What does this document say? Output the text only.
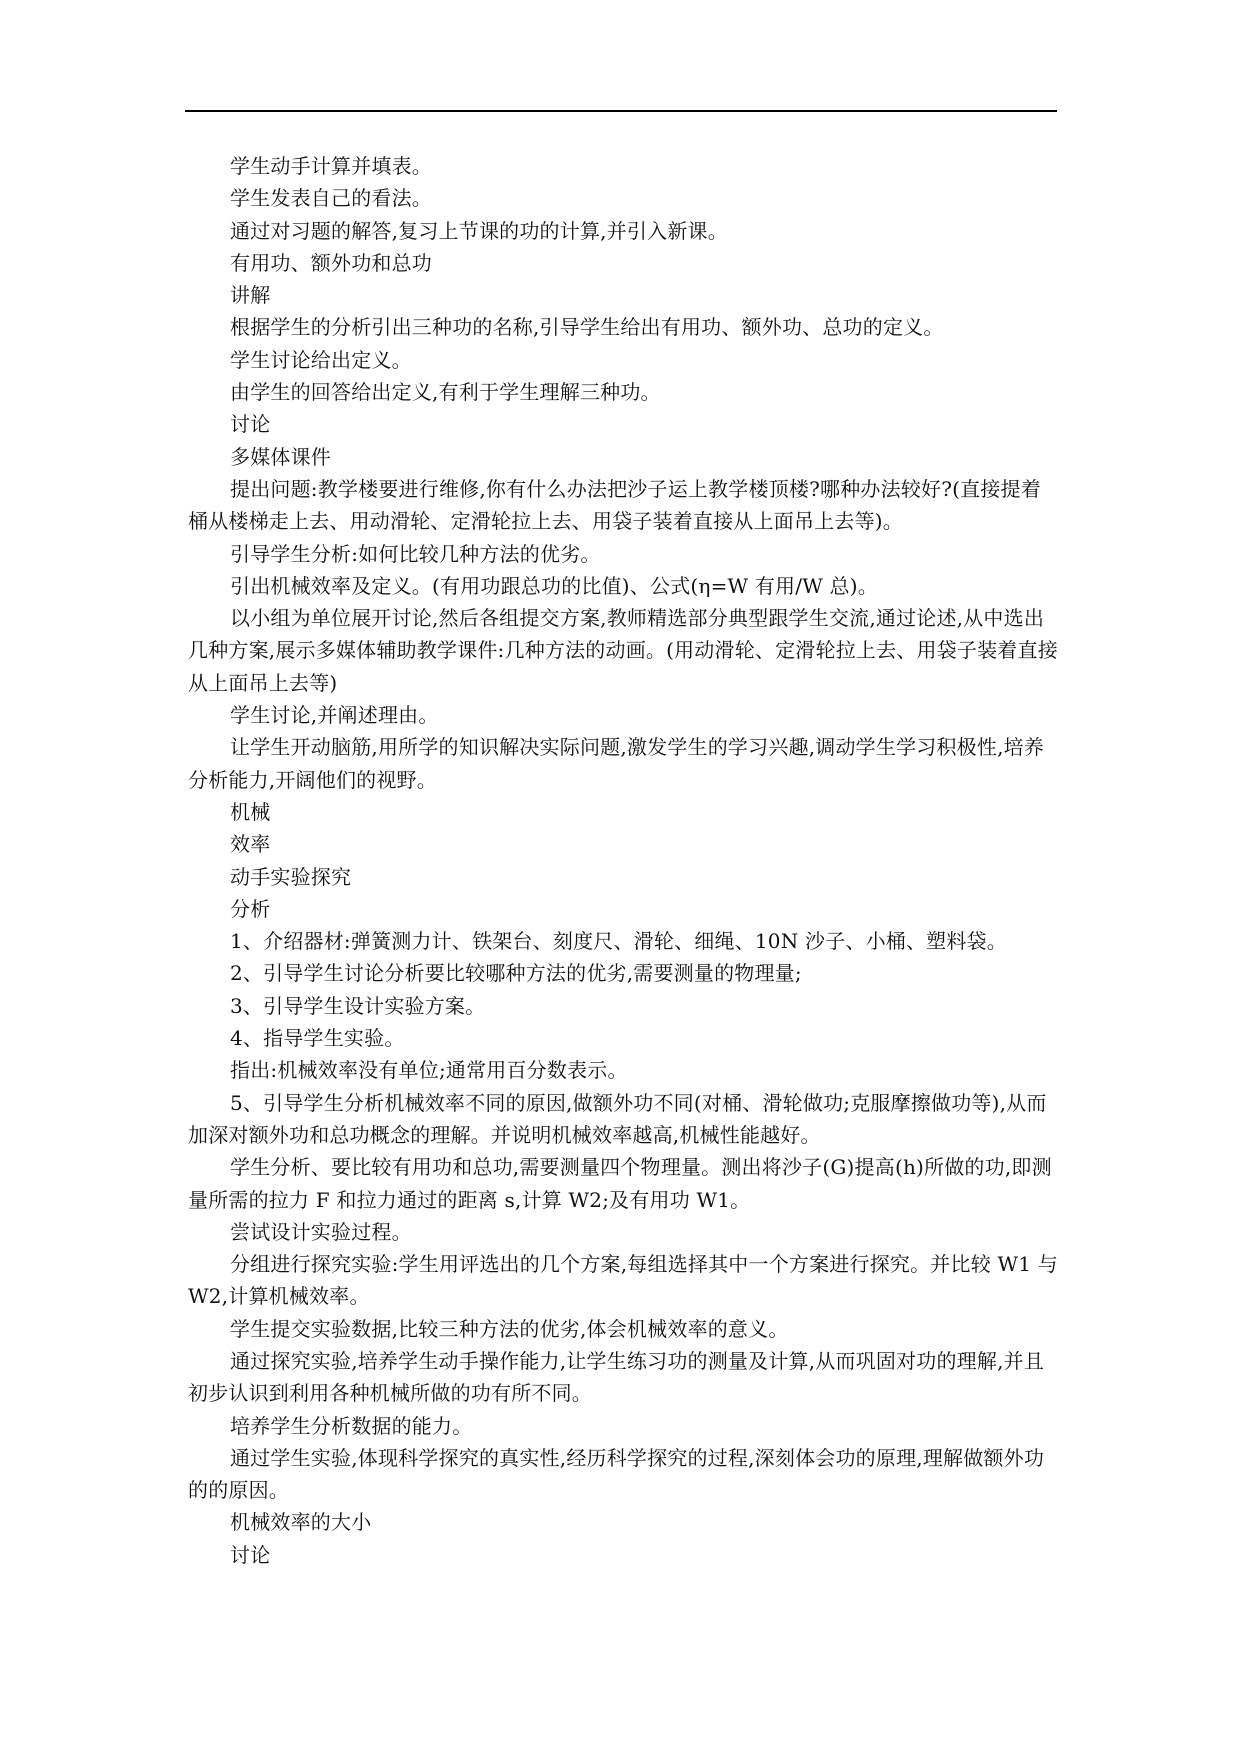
学生动手计算并填表。

学生发表自己的看法。

通过对习题的解答,复习上节课的功的计算,并引入新课。

有用功、额外功和总功

讲解

根据学生的分析引出三种功的名称,引导学生给出有用功、额外功、总功的定义。

学生讨论给出定义。

由学生的回答给出定义,有利于学生理解三种功。

讨论

多媒体课件

提出问题:教学楼要进行维修,你有什么办法把沙子运上教学楼顶楼?哪种办法较好?(直接提着桶从楼梯走上去、用动滑轮、定滑轮拉上去、用袋子装着直接从上面吊上去等)。

引导学生分析:如何比较几种方法的优劣。

引出机械效率及定义。(有用功跟总功的比值)、公式(η=W 有用/W 总)。

以小组为单位展开讨论,然后各组提交方案,教师精选部分典型跟学生交流,通过论述,从中选出几种方案,展示多媒体辅助教学课件:几种方法的动画。(用动滑轮、定滑轮拉上去、用袋子装着直接从上面吊上去等)

学生讨论,并阐述理由。

让学生开动脑筋,用所学的知识解决实际问题,激发学生的学习兴趣,调动学生学习积极性,培养分析能力,开阔他们的视野。

机械

效率

动手实验探究

分析

1、介绍器材:弹簧测力计、铁架台、刻度尺、滑轮、细绳、10N 沙子、小桶、塑料袋。

2、引导学生讨论分析要比较哪种方法的优劣,需要测量的物理量;

3、引导学生设计实验方案。

4、指导学生实验。

指出:机械效率没有单位;通常用百分数表示。

5、引导学生分析机械效率不同的原因,做额外功不同(对桶、滑轮做功;克服摩擦做功等),从而加深对额外功和总功概念的理解。并说明机械效率越高,机械性能越好。

学生分析、要比较有用功和总功,需要测量四个物理量。测出将沙子(G)提高(h)所做的功,即测量所需的拉力 F 和拉力通过的距离 s,计算 W2;及有用功 W1。

尝试设计实验过程。

分组进行探究实验:学生用评选出的几个方案,每组选择其中一个方案进行探究。并比较 W1 与 W2,计算机械效率。

学生提交实验数据,比较三种方法的优劣,体会机械效率的意义。

通过探究实验,培养学生动手操作能力,让学生练习功的测量及计算,从而巩固对功的理解,并且初步认识到利用各种机械所做的功有所不同。

培养学生分析数据的能力。

通过学生实验,体现科学探究的真实性,经历科学探究的过程,深刻体会功的原理,理解做额外功的的原因。

机械效率的大小

讨论
